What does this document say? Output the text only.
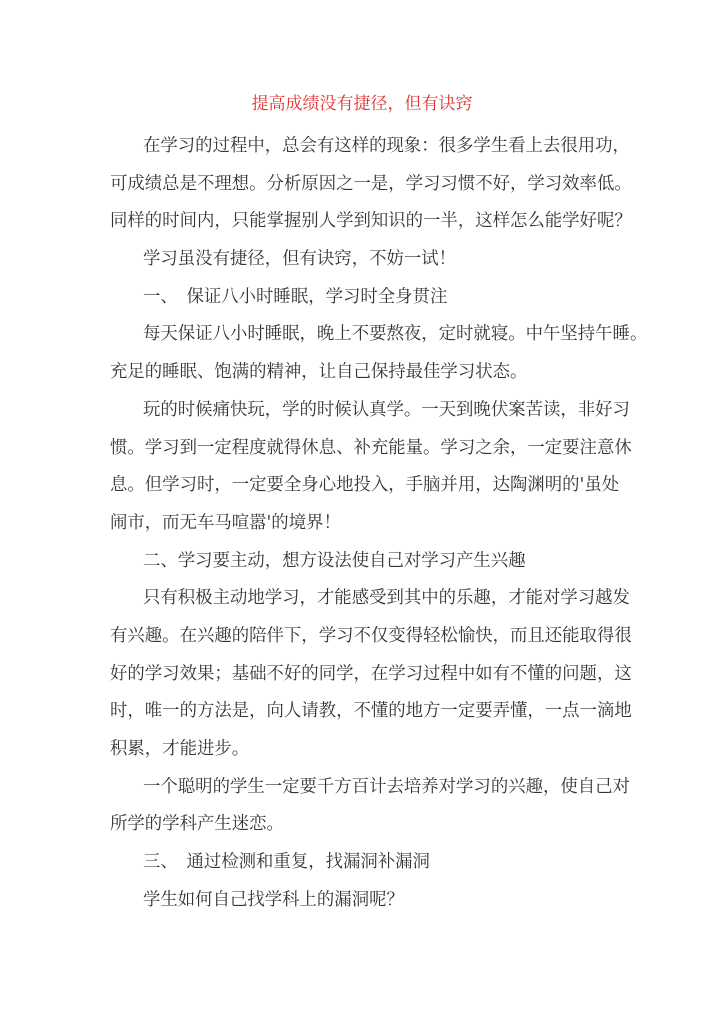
提高成绩没有捷径，但有诀窍
在学习的过程中，总会有这样的现象：很多学生看上去很用功，
可成绩总是不理想。分析原因之一是，学习习惯不好，学习效率低。
同样的时间内，只能掌握别人学到知识的一半，这样怎么能学好呢？
学习虽没有捷径，但有诀窍，不妨一试！
一、　保证八小时睡眠，学习时全身贯注
每天保证八小时睡眠，晚上不要熬夜，定时就寝。中午坚持午睡。
充足的睡眠、饱满的精神，让自己保持最佳学习状态。
玩的时候痛快玩，学的时候认真学。一天到晚伏案苦读，非好习
惯。学习到一定程度就得休息、补充能量。学习之余，一定要注意休
息。但学习时，一定要全身心地投入，手脑并用，达陶渊明的'虽处
闹市，而无车马喧嚣'的境界！
二、学习要主动，想方设法使自己对学习产生兴趣
只有积极主动地学习，才能感受到其中的乐趣，才能对学习越发
有兴趣。在兴趣的陪伴下，学习不仅变得轻松愉快，而且还能取得很
好的学习效果；基础不好的同学，在学习过程中如有不懂的问题，这
时，唯一的方法是，向人请教，不懂的地方一定要弄懂，一点一滴地
积累，才能进步。
一个聪明的学生一定要千方百计去培养对学习的兴趣，使自己对
所学的学科产生迷恋。
三、　通过检测和重复，找漏洞补漏洞
学生如何自己找学科上的漏洞呢？
